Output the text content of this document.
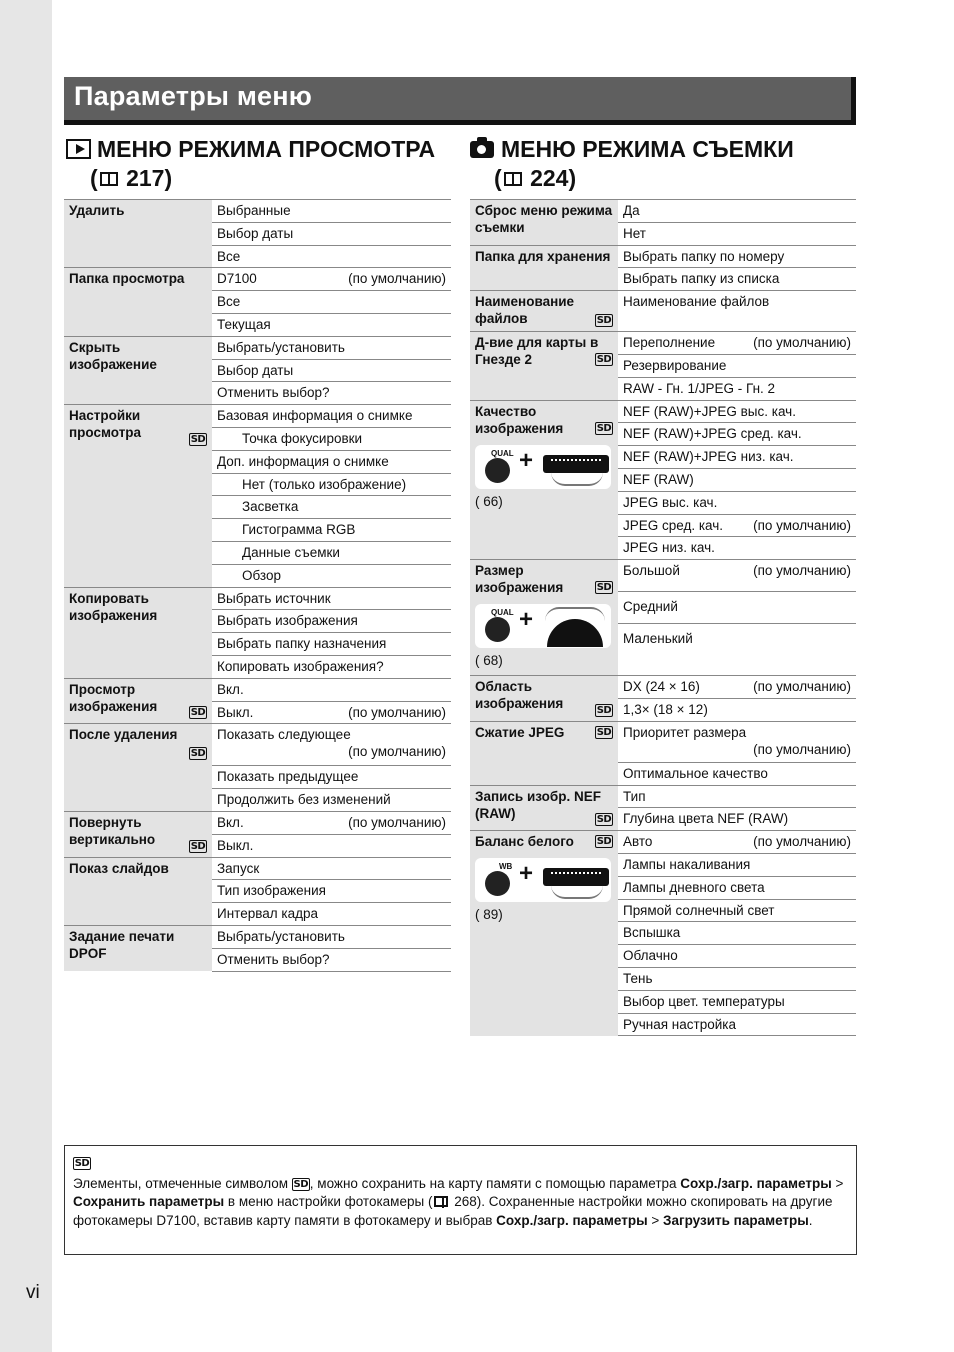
Параметры меню
МЕНЮ РЕЖИМА ПРОСМОТРА
( 217)
МЕНЮ РЕЖИМА СЪЕМКИ
( 224)
Удалить	Выбранные
	Выбор даты
	Все
Папка просмотра	D7100 (по умолчанию)

	Все
	Текущая
Скрыть изображение	Выбрать/установить
	Выбор даты
	Отменить выбор?
Настройки просмотра SD	Базовая информация о снимке
	Точка фокусировки
	Доп. информация о снимке
	Нет (только изображение)
	Засветка
	Гистограмма RGB
	Данные съемки
	Обзор
Копировать изображения	Выбрать источник
	Выбрать изображения
	Выбрать папку назначения
	Копировать изображения?
Просмотр изображения SD	Вкл.
	Выкл. (по умолчанию)

После удаления
SD	Показать следующее
(по умолчанию)

	Показать предыдущее
	Продолжить без изменений
Повернуть вертикально SD	Вкл. (по умолчанию)

	Выкл.
Показ слайдов	Запуск
	Тип изображения
	Интервал кадра
Задание печати DPOF	Выбрать/установить
	Отменить выбор?
Сброс меню режима съемки	Да
	Нет
Папка для хранения	Выбрать папку по номеру
	Выбрать папку из списка
Наименование файлов SD	Наименование файлов
Д-вие для карты в Гнезде 2 SD	Переполнение (по умолчанию)

	Резервирование
	RAW - Гн. 1/JPEG - Гн. 2
Качество изображения SD
QUAL +
( 66)	NEF (RAW)+JPEG выс. кач.
	NEF (RAW)+JPEG сред. кач.
	NEF (RAW)+JPEG низ. кач.
	NEF (RAW)
	JPEG выс. кач.
	JPEG сред. кач. (по умолчанию)

	JPEG низ. кач.
Размер изображения SD
QUAL +
( 68)	Большой (по умолчанию)

	Средний
	Маленький
Область изображения SD	DX (24 × 16) (по умолчанию)

	1,3× (18 × 12)
Сжатие JPEG SD	Приоритет размера
(по умолчанию)

	Оптимальное качество
Запись изобр. NEF (RAW) SD	Тип
	Глубина цвета NEF (RAW)
Баланс белого SD
WB +
( 89)	Авто (по умолчанию)

	Лампы накаливания
	Лампы дневного света
	Прямой солнечный свет
	Вспышка
	Облачно
	Тень
	Выбор цвет. температуры
	Ручная настройка
SD

Элементы, отмеченные символом SD , можно сохранить на карту памяти с помощью параметра Сохр./загр. параметры > Сохранить параметры в меню настройки фотокамеры ( 268). Сохраненные настройки можно скопировать на другие фотокамеры D7100, вставив карту памяти в фотокамеру и выбрав Сохр./загр. параметры > Загрузить параметры.

vi
